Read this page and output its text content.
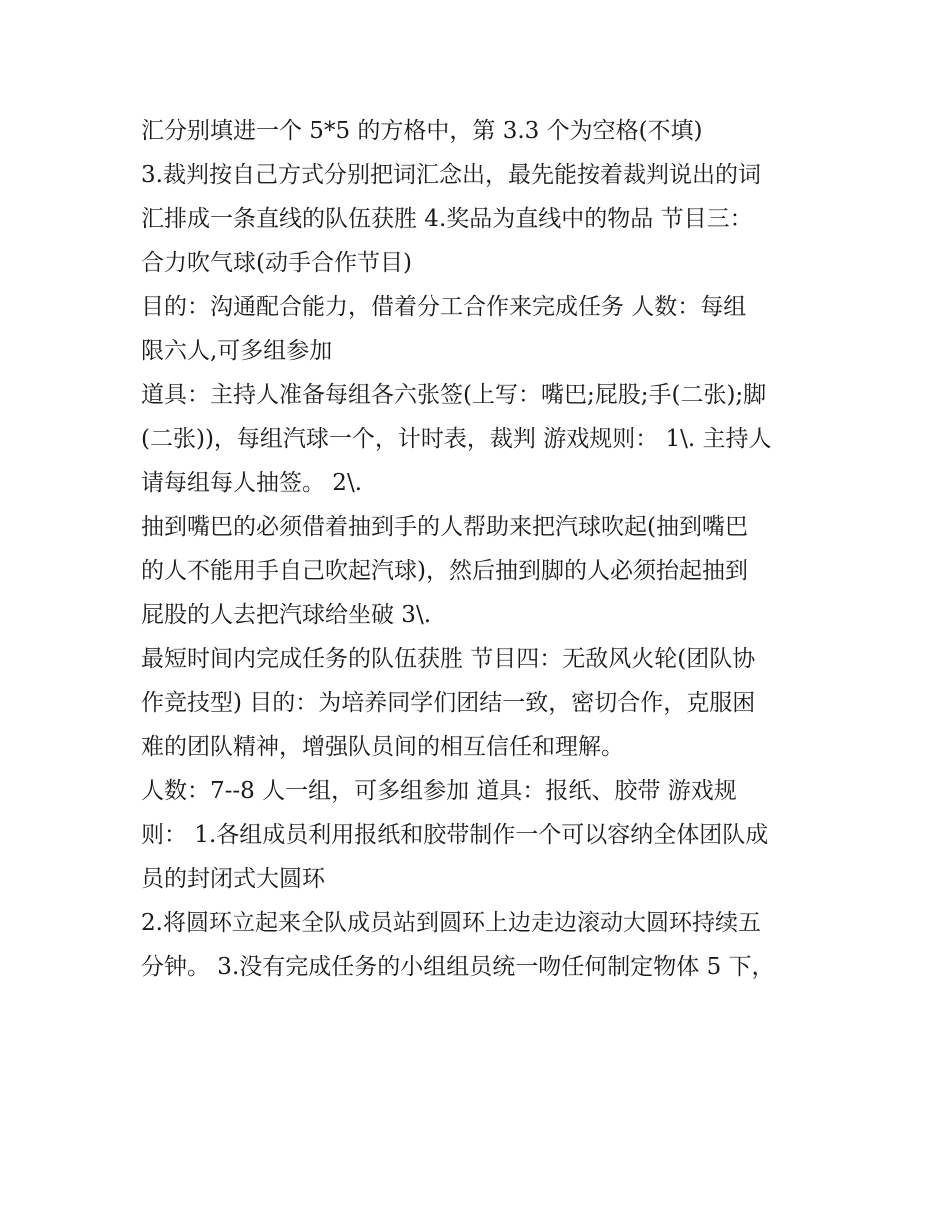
汇分别填进一个 5*5 的方格中，第 3.3 个为空格(不填)
3.裁判按自己方式分别把词汇念出，最先能按着裁判说出的词
汇排成一条直线的队伍获胜 4.奖品为直线中的物品 节目三：
合力吹气球(动手合作节目)
目的：沟通配合能力，借着分工合作来完成任务 人数：每组
限六人,可多组参加
道具：主持人准备每组各六张签(上写：嘴巴;屁股;手(二张);脚
(二张))，每组汽球一个，计时表，裁判 游戏规则： 1\. 主持人
请每组每人抽签。 2\.
抽到嘴巴的必须借着抽到手的人帮助来把汽球吹起(抽到嘴巴
的人不能用手自己吹起汽球)，然后抽到脚的人必须抬起抽到
屁股的人去把汽球给坐破 3\.
最短时间内完成任务的队伍获胜 节目四：无敌风火轮(团队协
作竞技型) 目的：为培养同学们团结一致，密切合作，克服困
难的团队精神，增强队员间的相互信任和理解。
人数：7--8 人一组，可多组参加 道具：报纸、胶带 游戏规
则： 1.各组成员利用报纸和胶带制作一个可以容纳全体团队成
员的封闭式大圆环
2.将圆环立起来全队成员站到圆环上边走边滚动大圆环持续五
分钟。 3.没有完成任务的小组组员统一吻任何制定物体 5 下，
